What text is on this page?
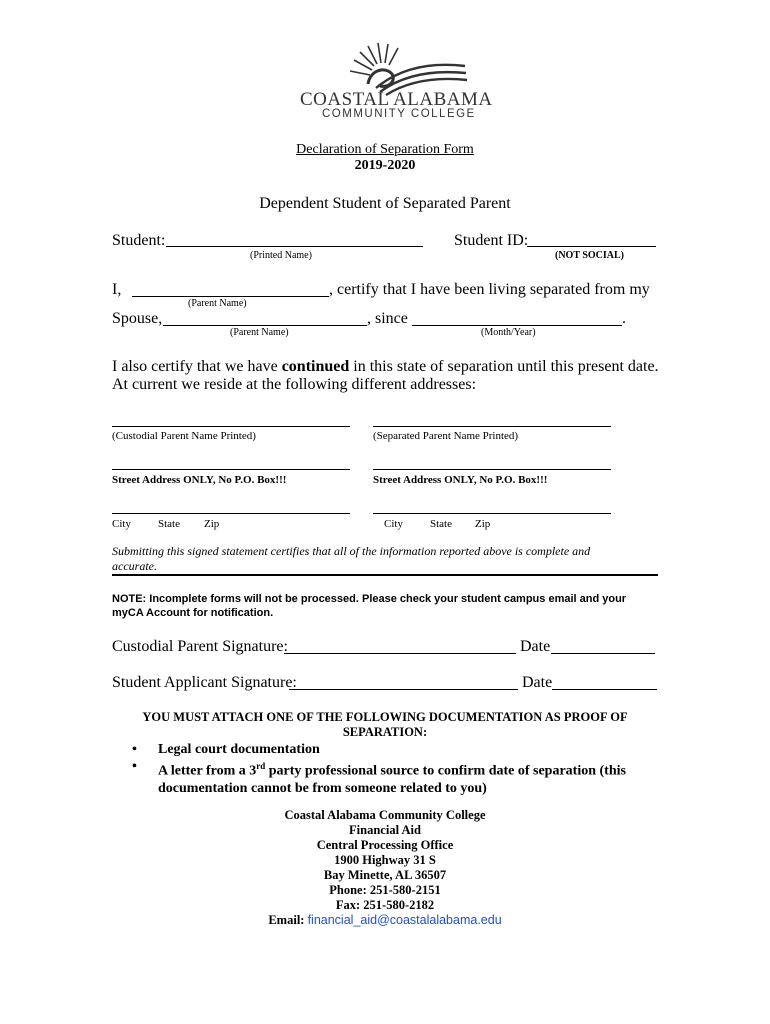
COASTAL ALABAMA
COMMUNITY COLLEGE
Declaration of Separation Form
2019-2020
Dependent Student of Separated Parent
Student:
(Printed Name)
Student ID:
(NOT SOCIAL)
I,	, certify that I have been living separated from my
(Parent Name)
Spouse,	, since	.
(Parent Name)	(Month/Year)
I also certify that we have continued in this state of separation until this present date.
At current we reside at the following different addresses:
(Custodial Parent Name Printed)	(Separated Parent Name Printed)
Street Address ONLY, No P.O. Box!!!	Street Address ONLY, No P.O. Box!!!
City State Zip	City State Zip
Submitting this signed statement certifies that all of the information reported above is complete and
accurate.
NOTE: Incomplete forms will not be processed. Please check your student campus email and your
myCA Account for notification.
Custodial Parent Signature:	Date
Student Applicant Signature:	Date
YOU MUST ATTACH ONE OF THE FOLLOWING DOCUMENTATION AS PROOF OF
SEPARATION:
• Legal court documentation
• A letter from a 3rd party professional source to confirm date of separation (this
documentation cannot be from someone related to you)
Coastal Alabama Community College
Financial Aid
Central Processing Office
1900 Highway 31 S
Bay Minette, AL 36507
Phone: 251-580-2151
Fax: 251-580-2182
Email: financial_aid@coastalalabama.edu
